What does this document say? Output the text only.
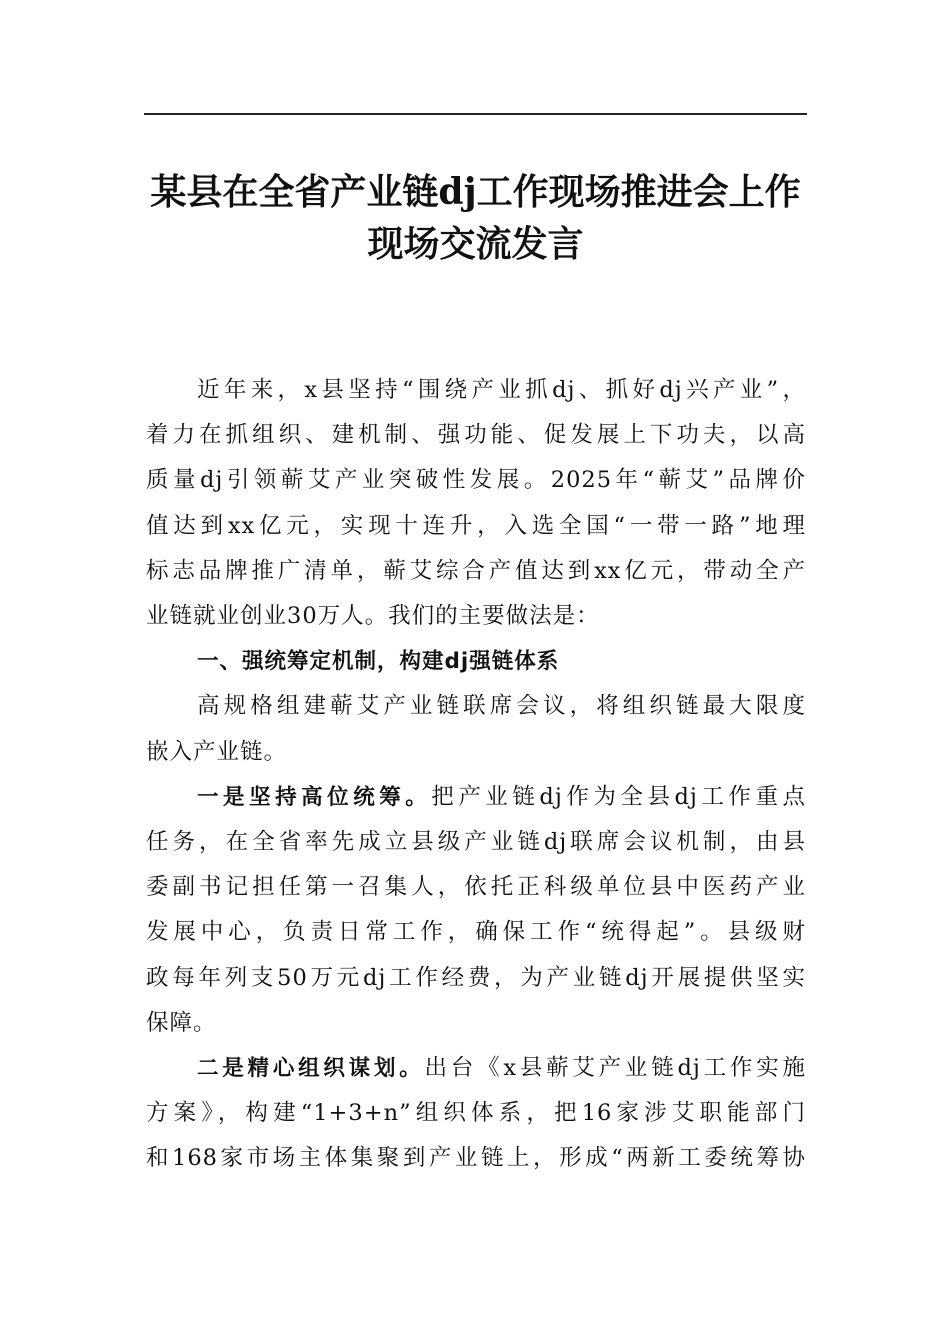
某县在全省产业链dj工作现场推进会上作
现场交流发言
近年来，x县坚持“围绕产业抓dj、抓好dj兴产业”，
着力在抓组织、建机制、强功能、促发展上下功夫，以高
质量dj引领蕲艾产业突破性发展。2025年“蕲艾”品牌价
值达到xx亿元，实现十连升，入选全国“一带一路”地理
标志品牌推广清单，蕲艾综合产值达到xx亿元，带动全产
业链就业创业30万人。我们的主要做法是：
一、强统筹定机制，构建dj强链体系
高规格组建蕲艾产业链联席会议，将组织链最大限度
嵌入产业链。
一是坚持高位统筹。把产业链dj作为全县dj工作重点
任务，在全省率先成立县级产业链dj联席会议机制，由县
委副书记担任第一召集人，依托正科级单位县中医药产业
发展中心，负责日常工作，确保工作“统得起”。县级财
政每年列支50万元dj工作经费，为产业链dj开展提供坚实
保障。
二是精心组织谋划。出台《x县蕲艾产业链dj工作实施
方案》，构建“1+3+n”组织体系，把16家涉艾职能部门
和168家市场主体集聚到产业链上，形成“两新工委统筹协
